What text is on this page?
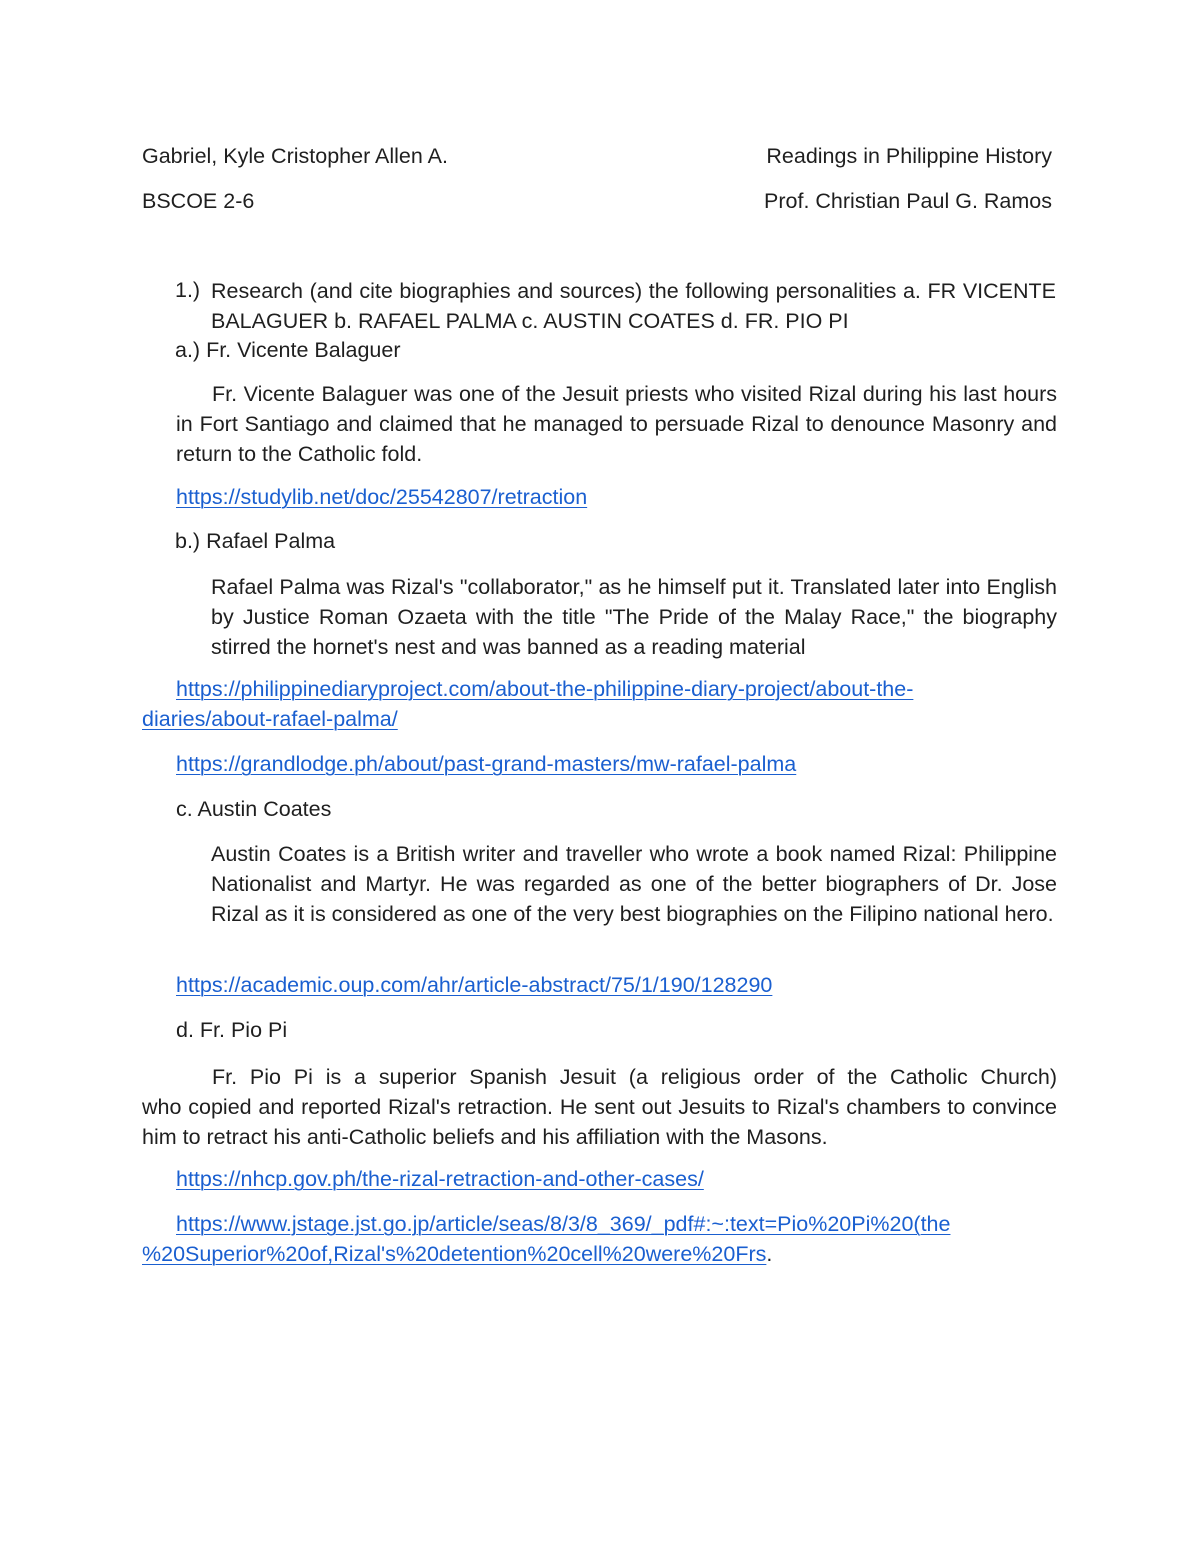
Gabriel, Kyle Cristopher Allen A.
BSCOE 2-6
Readings in Philippine History
Prof. Christian Paul G. Ramos
1.) Research (and cite biographies and sources) the following personalities a. FR VICENTE BALAGUER b. RAFAEL PALMA c. AUSTIN COATES d. FR. PIO PI
a.) Fr. Vicente Balaguer
Fr. Vicente Balaguer was one of the Jesuit priests who visited Rizal during his last hours in Fort Santiago and claimed that he managed to persuade Rizal to denounce Masonry and return to the Catholic fold.
https://studylib.net/doc/25542807/retraction
b.) Rafael Palma
Rafael Palma was Rizal's "collaborator," as he himself put it. Translated later into English by Justice Roman Ozaeta with the title "The Pride of the Malay Race," the biography stirred the hornet's nest and was banned as a reading material
https://philippinediaryproject.com/about-the-philippine-diary-project/about-the-
diaries/about-rafael-palma/
https://grandlodge.ph/about/past-grand-masters/mw-rafael-palma
c. Austin Coates
Austin Coates is a British writer and traveller who wrote a book named Rizal: Philippine Nationalist and Martyr. He was regarded as one of the better biographers of Dr. Jose Rizal as it is considered as one of the very best biographies on the Filipino national hero.
https://academic.oup.com/ahr/article-abstract/75/1/190/128290
d. Fr. Pio Pi
Fr. Pio Pi is a superior Spanish Jesuit (a religious order of the Catholic Church)
who copied and reported Rizal's retraction. He sent out Jesuits to Rizal's chambers to convince him to retract his anti-Catholic beliefs and his affiliation with the Masons.
https://nhcp.gov.ph/the-rizal-retraction-and-other-cases/
https://www.jstage.jst.go.jp/article/seas/8/3/8_369/_pdf#:~:text=Pio%20Pi%20(the
%20Superior%20of,Rizal's%20detention%20cell%20were%20Frs.
